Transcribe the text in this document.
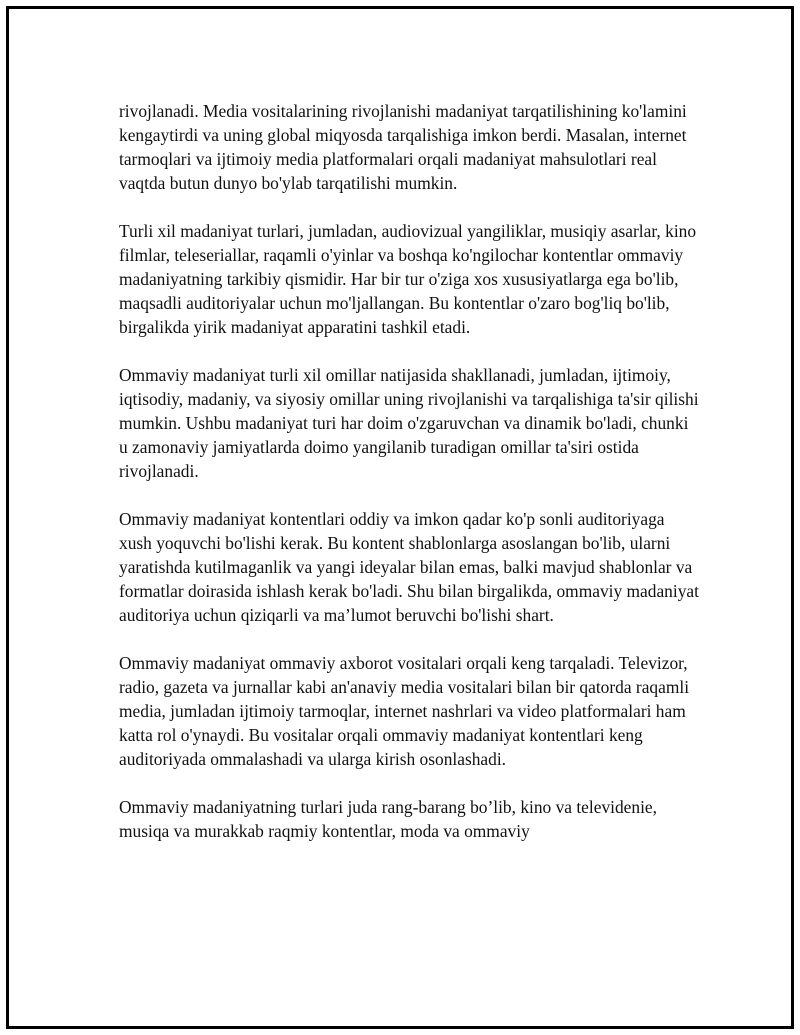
rivojlanadi. Media vositalarining rivojlanishi madaniyat tarqatilishining ko'lamini kengaytirdi va uning global miqyosda tarqalishiga imkon berdi. Masalan, internet tarmoqlari va ijtimoiy media platformalari orqali madaniyat mahsulotlari real vaqtda butun dunyo bo'ylab tarqatilishi mumkin.

Turli xil madaniyat turlari, jumladan, audiovizual yangiliklar, musiqiy asarlar, kino filmlar, teleseriallar, raqamli o'yinlar va boshqa ko'ngilochar kontentlar ommaviy madaniyatning tarkibiy qismidir. Har bir tur o'ziga xos xususiyatlarga ega bo'lib, maqsadli auditoriyalar uchun mo'ljallangan. Bu kontentlar o'zaro bog'liq bo'lib, birgalikda yirik madaniyat apparatini tashkil etadi.

Ommaviy madaniyat turli xil omillar natijasida shakllanadi, jumladan, ijtimoiy, iqtisodiy, madaniy, va siyosiy omillar uning rivojlanishi va tarqalishiga ta'sir qilishi mumkin. Ushbu madaniyat turi har doim o'zgaruvchan va dinamik bo'ladi, chunki u zamonaviy jamiyatlarda doimo yangilanib turadigan omillar ta'siri ostida rivojlanadi.

Ommaviy madaniyat kontentlari oddiy va imkon qadar ko'p sonli auditoriyaga xush yoquvchi bo'lishi kerak. Bu kontent shablonlarga asoslangan bo'lib, ularni yaratishda kutilmaganlik va yangi ideyalar bilan emas, balki mavjud shablonlar va formatlar doirasida ishlash kerak bo'ladi. Shu bilan birgalikda, ommaviy madaniyat auditoriya uchun qiziqarli va ma’lumot beruvchi bo'lishi shart.

Ommaviy madaniyat ommaviy axborot vositalari orqali keng tarqaladi. Televizor, radio, gazeta va jurnallar kabi an'anaviy media vositalari bilan bir qatorda raqamli media, jumladan ijtimoiy tarmoqlar, internet nashrlari va video platformalari ham katta rol o'ynaydi. Bu vositalar orqali ommaviy madaniyat kontentlari keng auditoriyada ommalashadi va ularga kirish osonlashadi.

Ommaviy madaniyatning turlari juda rang-barang bo’lib, kino va televidenie, musiqa va murakkab raqmiy kontentlar, moda va ommaviy
